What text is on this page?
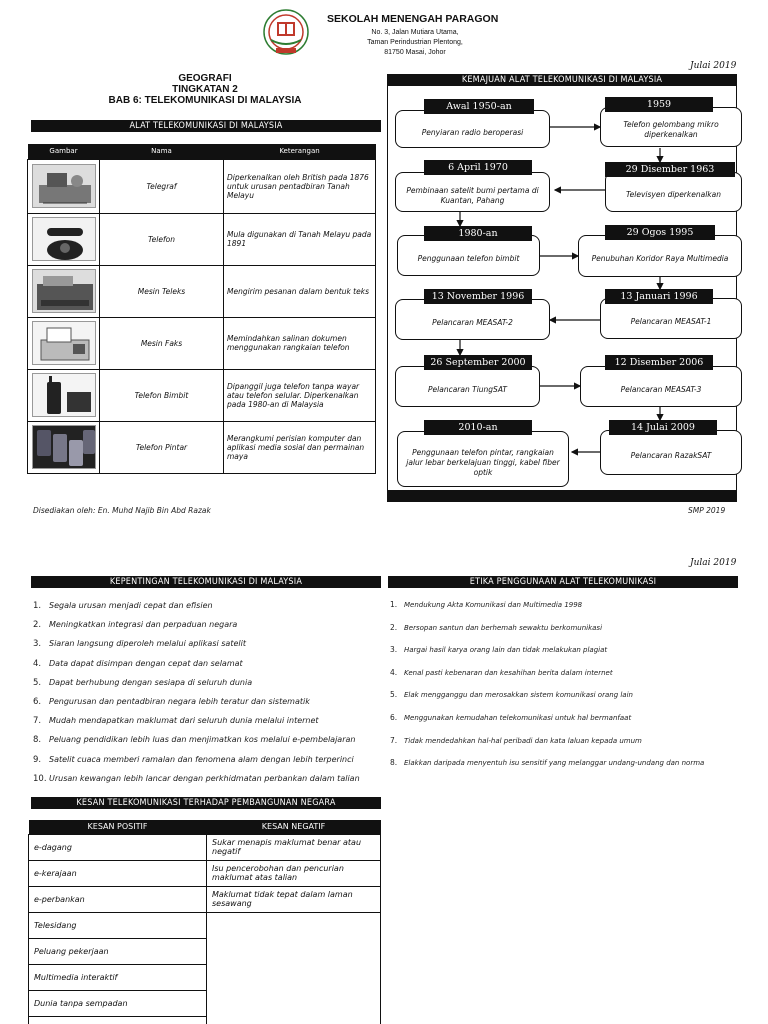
SEKOLAH MENENGAH PARAGON
No. 3, Jalan Mutiara Utama,
Taman Perindustrian Plentong,
81750 Masai, Johor
Julai 2019
GEOGRAFI
TINGKATAN 2
BAB 6: TELEKOMUNIKASI DI MALAYSIA
ALAT TELEKOMUNIKASI DI MALAYSIA
Gambar	Nama	Keterangan

	Telegraf	Diperkenalkan oleh British pada 1876 untuk urusan pentadbiran Tanah Melayu

	Telefon	Mula digunakan di Tanah Melayu pada 1891

	Mesin Teleks	Mengirim pesanan dalam bentuk teks

	Mesin Faks	Memindahkan salinan dokumen menggunakan rangkaian telefon

	Telefon Bimbit	Dipanggil juga telefon tanpa wayar atau telefon selular. Diperkenalkan pada 1980-an di Malaysia

	Telefon Pintar	Merangkumi perisian komputer dan aplikasi media sosial dan permainan maya
KEMAJUAN ALAT TELEKOMUNIKASI DI MALAYSIA
Penyiaran radio beroperasi
Awal 1950-an
Telefon gelombang mikro diperkenalkan
1959
Pembinaan satelit bumi pertama di Kuantan, Pahang
6 April 1970
Televisyen diperkenalkan
29 Disember 1963
Penggunaan telefon bimbit
1980-an
Penubuhan Koridor Raya Multimedia
29 Ogos 1995
Pelancaran MEASAT-2
13 November 1996
Pelancaran MEASAT-1
13 Januari 1996
Pelancaran TiungSAT
26 September 2000
Pelancaran MEASAT-3
12 Disember 2006
Penggunaan telefon pintar, rangkaian jalur lebar berkelajuan tinggi, kabel fiber optik
2010-an
Pelancaran RazakSAT
14 Julai 2009
Disediakan oleh: En. Muhd Najib Bin Abd Razak	SMP 2019
Julai 2019
KEPENTINGAN TELEKOMUNIKASI DI MALAYSIA
1. Segala urusan menjadi cepat dan efisien
2. Meningkatkan integrasi dan perpaduan negara
3. Siaran langsung diperoleh melalui aplikasi satelit
4. Data dapat disimpan dengan cepat dan selamat
5. Dapat berhubung dengan sesiapa di seluruh dunia
6. Pengurusan dan pentadbiran negara lebih teratur dan sistematik
7. Mudah mendapatkan maklumat dari seluruh dunia melalui internet
8. Peluang pendidikan lebih luas dan menjimatkan kos melalui e-pembelajaran
9. Satelit cuaca memberi ramalan dan fenomena alam dengan lebih terperinci
10. Urusan kewangan lebih lancar dengan perkhidmatan perbankan dalam talian
ETIKA PENGGUNAAN ALAT TELEKOMUNIKASI
1. Mendukung Akta Komunikasi dan Multimedia 1998
2. Bersopan santun dan berhemah sewaktu berkomunikasi
3. Hargai hasil karya orang lain dan tidak melakukan plagiat
4. Kenal pasti kebenaran dan kesahihan berita dalam internet
5. Elak mengganggu dan merosakkan sistem komunikasi orang lain
6. Menggunakan kemudahan telekomunikasi untuk hal bermanfaat
7. Tidak mendedahkan hal-hal peribadi dan kata laluan kepada umum
8. Elakkan daripada menyentuh isu sensitif yang melanggar undang-undang dan norma
KESAN TELEKOMUNIKASI TERHADAP PEMBANGUNAN NEGARA
KESAN POSITIF	KESAN NEGATIF
e-dagang	Sukar menapis maklumat benar atau negatif
e-kerajaan	Isu pencerobohan dan pencurian maklumat atas talian
e-perbankan	Maklumat tidak tepat dalam laman sesawang
Telesidang	
Peluang pekerjaan	
Multimedia interaktif	
Dunia tanpa sempadan	
